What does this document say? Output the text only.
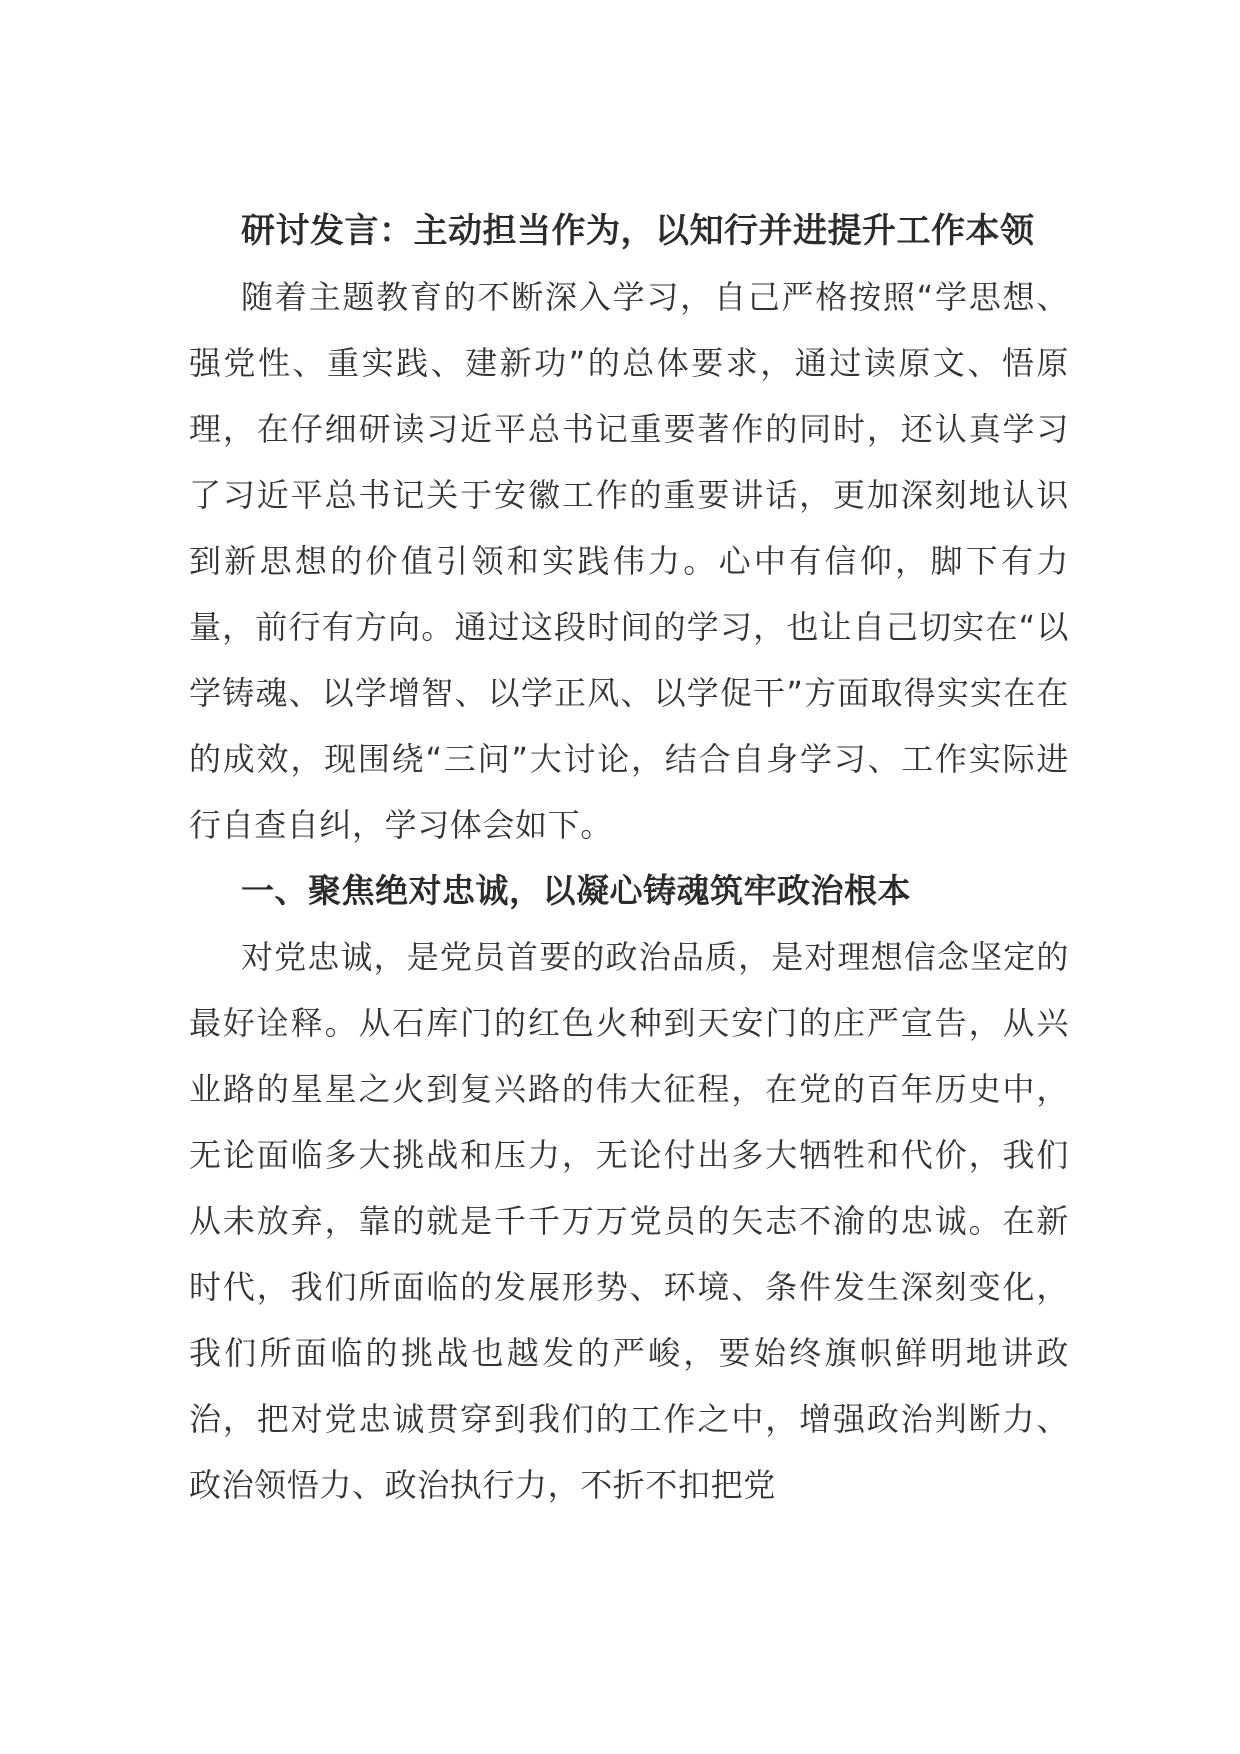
研讨发言：主动担当作为，以知行并进提升工作本领

随着主题教育的不断深入学习，自己严格按照“学思想、强党性、重实践、建新功”的总体要求，通过读原文、悟原理，在仔细研读习近平总书记重要著作的同时，还认真学习了习近平总书记关于安徽工作的重要讲话，更加深刻地认识到新思想的价值引领和实践伟力。心中有信仰，脚下有力量，前行有方向。通过这段时间的学习，也让自己切实在“以学铸魂、以学增智、以学正风、以学促干”方面取得实实在在的成效，现围绕“三问”大讨论，结合自身学习、工作实际进行自查自纠，学习体会如下。

一、聚焦绝对忠诚，以凝心铸魂筑牢政治根本

对党忠诚，是党员首要的政治品质，是对理想信念坚定的最好诠释。从石库门的红色火种到天安门的庄严宣告，从兴业路的星星之火到复兴路的伟大征程，在党的百年历史中，无论面临多大挑战和压力，无论付出多大牺牲和代价，我们从未放弃，靠的就是千千万万党员的矢志不渝的忠诚。在新时代，我们所面临的发展形势、环境、条件发生深刻变化，我们所面临的挑战也越发的严峻，要始终旗帜鲜明地讲政治，把对党忠诚贯穿到我们的工作之中，增强政治判断力、政治领悟力、政治执行力，不折不扣把党
